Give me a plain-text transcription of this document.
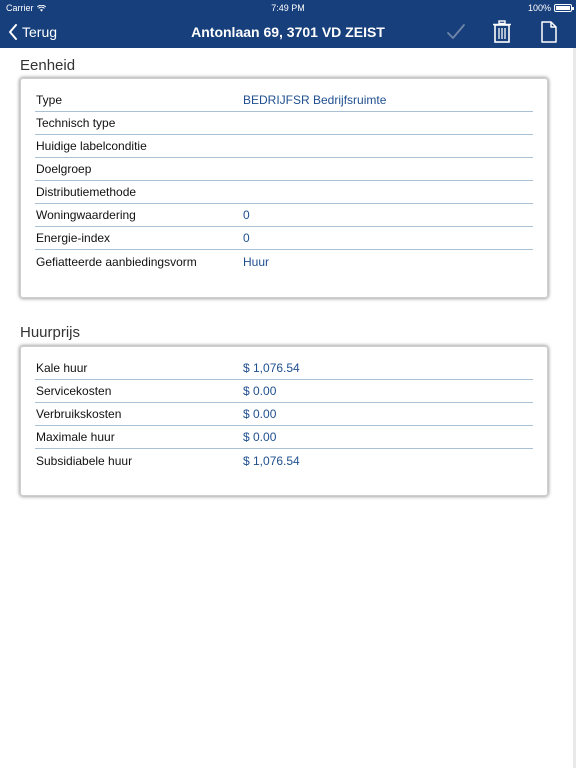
Carrier	7:49 PM	100%
Terug	Antonlaan 69, 3701 VD ZEIST
Eenheid
Type	BEDRIJFSR Bedrijfsruimte
Technisch type
Huidige labelconditie
Doelgroep
Distributiemethode
Woningwaardering	0
Energie-index	0
Gefiatteerde aanbiedingsvorm	Huur
Huurprijs
Kale huur	$ 1,076.54
Servicekosten	$ 0.00
Verbruikskosten	$ 0.00
Maximale huur	$ 0.00
Subsidiabele huur	$ 1,076.54
